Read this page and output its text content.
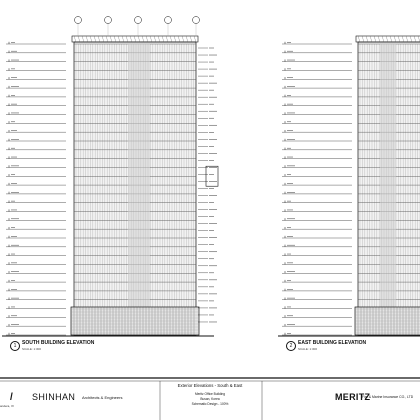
1	SOUTH BUILDING ELEVATION
SCALE: 1:300	2	EAST BUILDING ELEVATION
SCALE: 1:300
/ SHINHAN Architects & Engineers
andera, IX
Exterior Elevations - South & East
Meritz Office Building
Busan, Korea
Schematic Design - 100%
MERITZ
Fire & Marine Insurance CO., LTD
